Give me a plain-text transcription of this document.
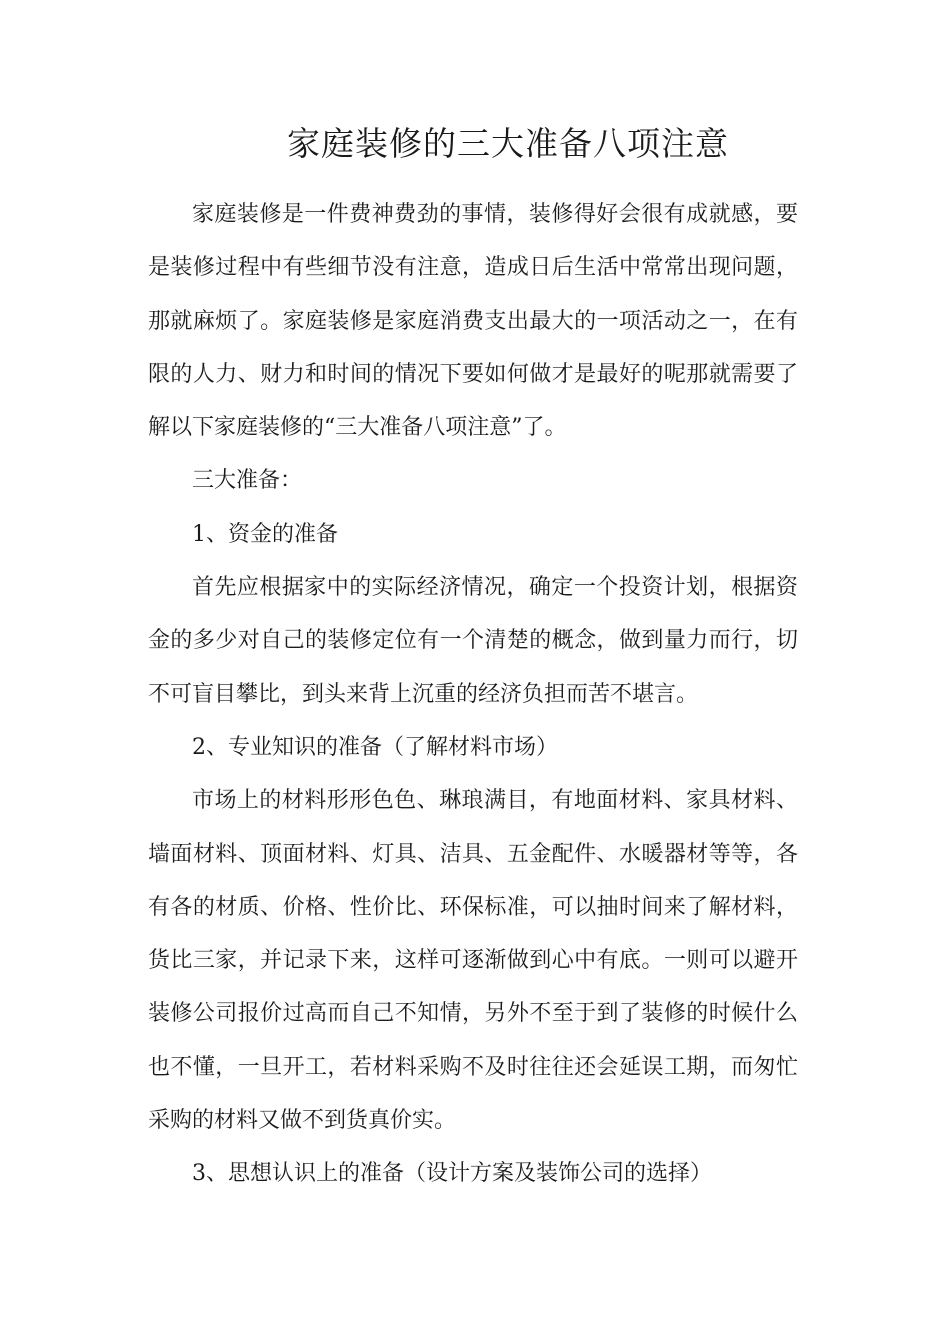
家庭装修的三大准备八项注意

家庭装修是一件费神费劲的事情，装修得好会很有成就感，要是装修过程中有些细节没有注意，造成日后生活中常常出现问题，那就麻烦了。家庭装修是家庭消费支出最大的一项活动之一，在有限的人力、财力和时间的情况下要如何做才是最好的呢那就需要了解以下家庭装修的“三大准备八项注意”了。

三大准备：

1、资金的准备

首先应根据家中的实际经济情况，确定一个投资计划，根据资金的多少对自己的装修定位有一个清楚的概念，做到量力而行，切不可盲目攀比，到头来背上沉重的经济负担而苦不堪言。

2、专业知识的准备（了解材料市场）

市场上的材料形形色色、琳琅满目，有地面材料、家具材料、墙面材料、顶面材料、灯具、洁具、五金配件、水暖器材等等，各有各的材质、价格、性价比、环保标准，可以抽时间来了解材料，货比三家，并记录下来，这样可逐渐做到心中有底。一则可以避开装修公司报价过高而自己不知情，另外不至于到了装修的时候什么也不懂，一旦开工，若材料采购不及时往往还会延误工期，而匆忙采购的材料又做不到货真价实。

3、思想认识上的准备（设计方案及装饰公司的选择）
